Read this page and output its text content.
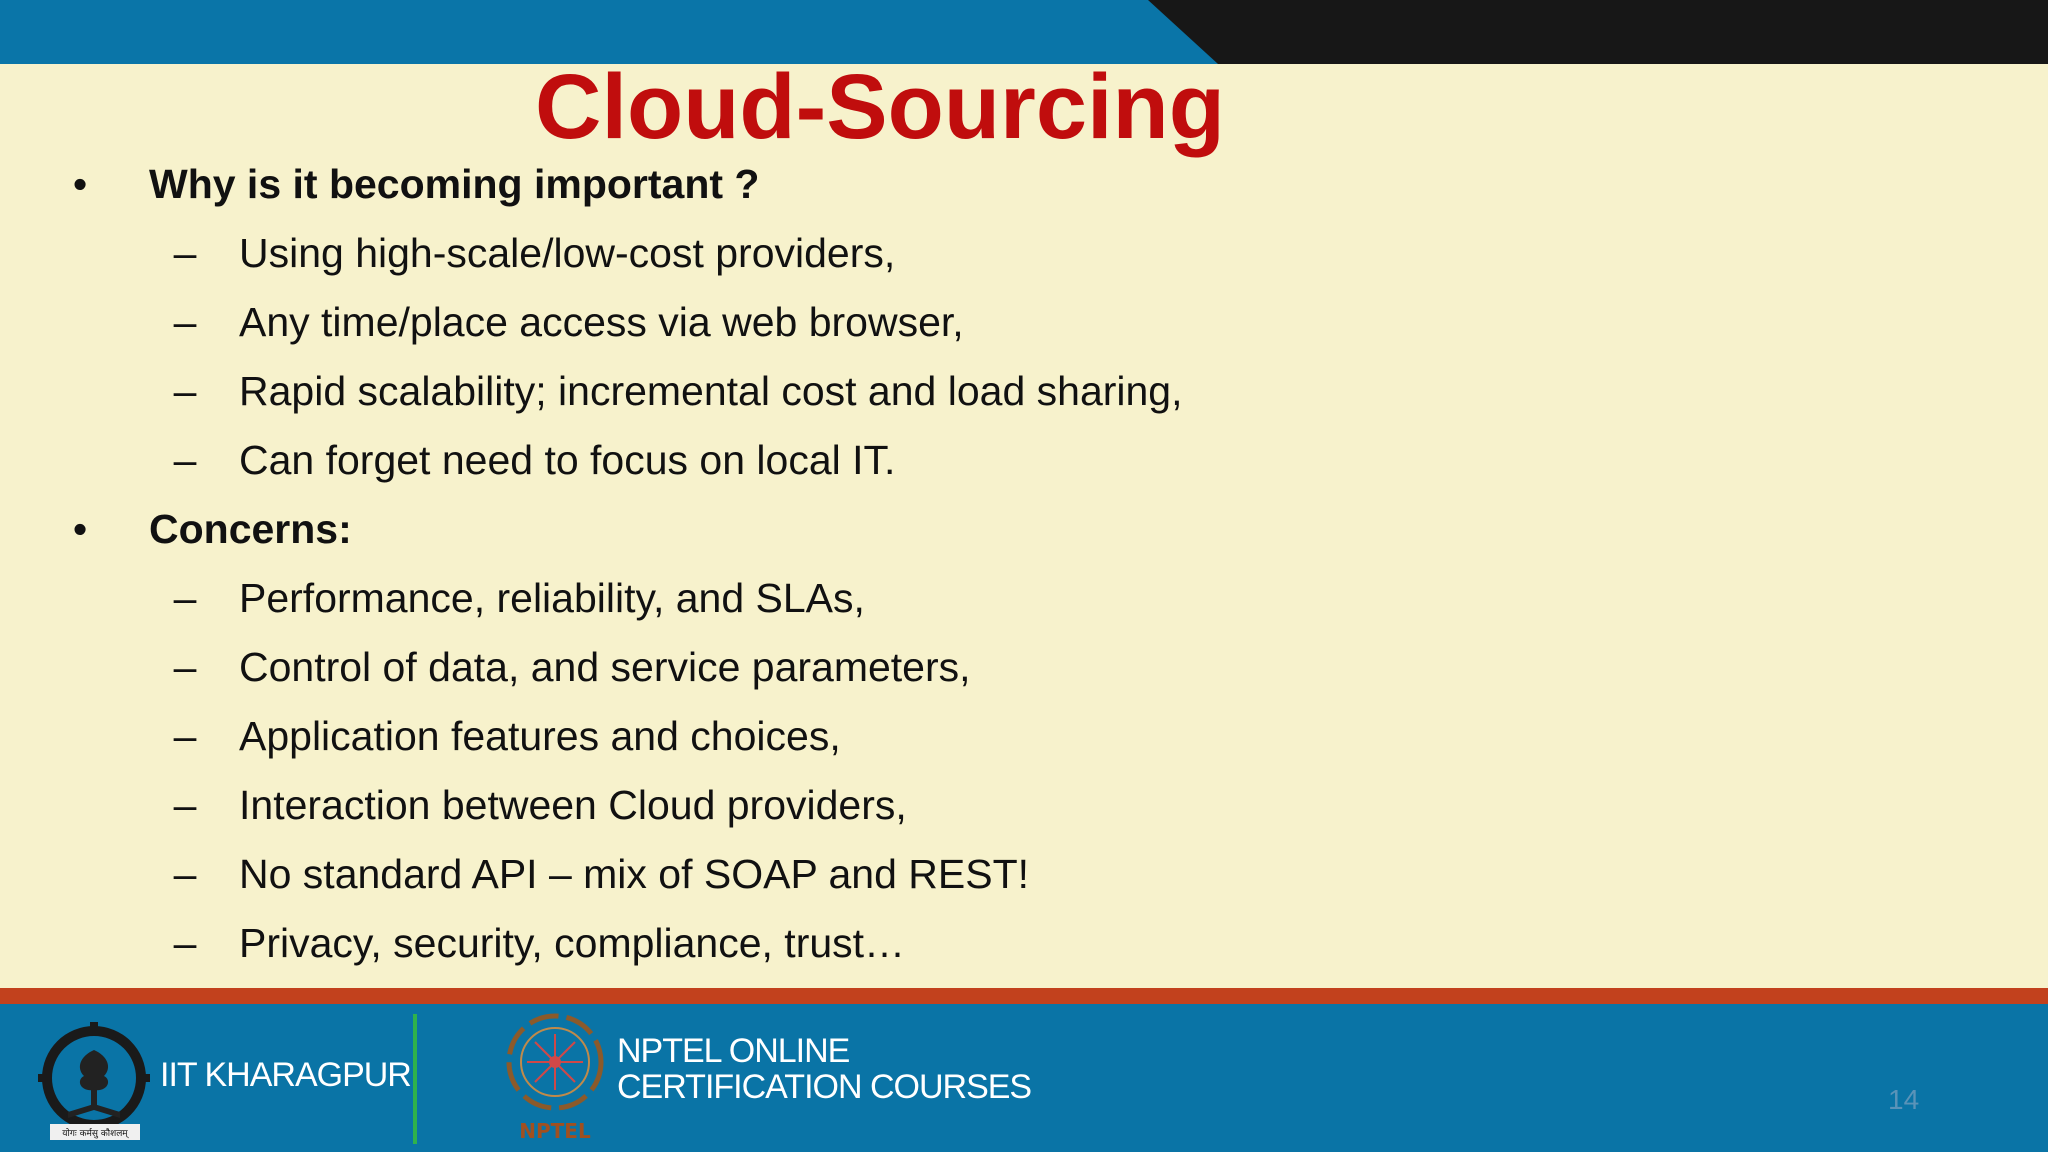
Cloud-Sourcing
• Why is it becoming important ?
– Using high-scale/low-cost providers,
– Any time/place access via web browser,
– Rapid scalability; incremental cost and load sharing,
– Can forget need to focus on local IT.
• Concerns:
– Performance, reliability, and SLAs,
– Control of data, and service parameters,
– Application features and choices,
– Interaction between Cloud providers,
– No standard API – mix of SOAP and REST!
– Privacy, security, compliance, trust…
योगः कर्मसु कौशलम्
IIT KHARAGPUR
NPTEL
NPTEL ONLINE
CERTIFICATION COURSES	14
